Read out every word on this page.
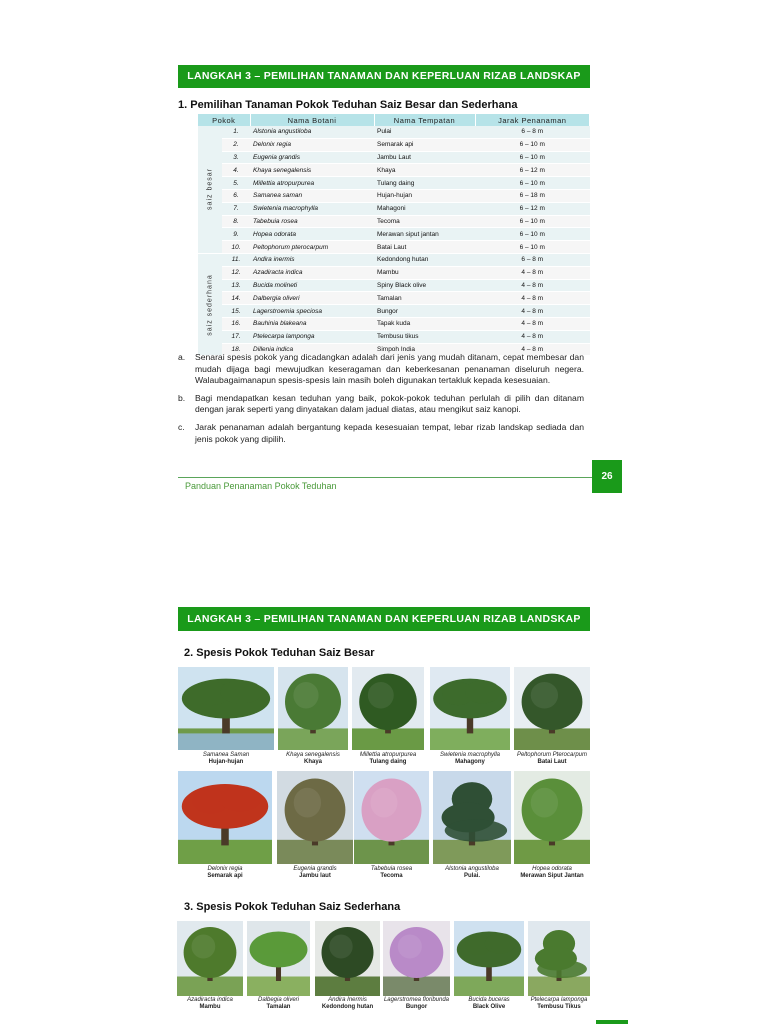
LANGKAH 3 – PEMILIHAN TANAMAN DAN KEPERLUAN RIZAB LANDSKAP
1. Pemilihan Tanaman Pokok Teduhan Saiz Besar dan Sederhana
Pokok		Nama Botani	Nama Tempatan	Jarak Penanaman

saiz besar	1.	Alstonia angustiloba	Pulai	6 – 8 m
	2.	Delonix regia	Semarak api	6 – 10 m
	3.	Eugenia grandis	Jambu Laut	6 – 10 m
	4.	Khaya senegalensis	Khaya	6 – 12 m
	5.	Millettia atropurpurea	Tulang daing	6 – 10 m
	6.	Samanea saman	Hujan-hujan	6 – 18 m
	7.	Swietenia macrophylla	Mahagoni	6 – 12 m
	8.	Tabebuia rosea	Tecoma	6 – 10 m
	9.	Hopea odorata	Merawan siput jantan	6 – 10 m
	10.	Peltophorum pterocarpum	Batai Laut	6 – 10 m

saiz sederhana	11.	Andira inermis	Kedondong hutan	6 – 8 m
	12.	Azadiracta indica	Mambu	4 – 8 m
	13.	Bucida molineti	Spiny Black olive	4 – 8 m
	14.	Dalbergia oliveri	Tamalan	4 – 8 m
	15.	Lagerstroemia speciosa	Bungor	4 – 8 m
	16.	Bauhinia blakeana	Tapak kuda	4 – 8 m
	17.	Ptelecarpa lamponga	Tembusu tikus	4 – 8 m
	18.	Dillenia indica	Simpoh India	4 – 8 m
a.	Senarai spesis pokok yang dicadangkan adalah dari jenis yang mudah ditanam, cepat membesar dan mudah dijaga bagi mewujudkan keseragaman dan keberkesanan penanaman diseluruh negera. Walaubagaimanapun spesis-spesis lain masih boleh digunakan tertakluk kepada kesesuaian.
b.	Bagi mendapatkan kesan teduhan yang baik, pokok-pokok teduhan perlulah di pilih dan ditanam dengan jarak seperti yang dinyatakan dalam jadual diatas, atau mengikut saiz kanopi.
c.	Jarak penanaman adalah bergantung kepada kesesuaian tempat, lebar rizab landskap sediada dan jenis pokok yang dipilih.
Panduan Penanaman Pokok Teduhan
26
LANGKAH 3 – PEMILIHAN TANAMAN DAN KEPERLUAN RIZAB LANDSKAP
2. Spesis Pokok Teduhan Saiz Besar
3. Spesis Pokok Teduhan Saiz Sederhana
Samanea Saman
Hujan-hujan
Khaya senegalensis
Khaya
Millettia atropurpurea
Tulang daing
Swietenia macrophylla
Mahagony
Peltophorum Pterocarpum
Batai Laut
Delonix regia
Semarak api
Eugenia grandis
Jambu laut
Tabebuia rosea
Tecoma
Alstonia angustiloba
Pulai.
Hopea odorata
Merawan Siput Jantan
Azadiracta indica
Mambu
Dalbegia oliveri
Tamalan
Andira Inermis
Kedondong hutan
Lagerstromea floribunda
Bungor
Bucida buceras
Black Olive
Ptelecarpa lamponga
Tembusu Tikus
